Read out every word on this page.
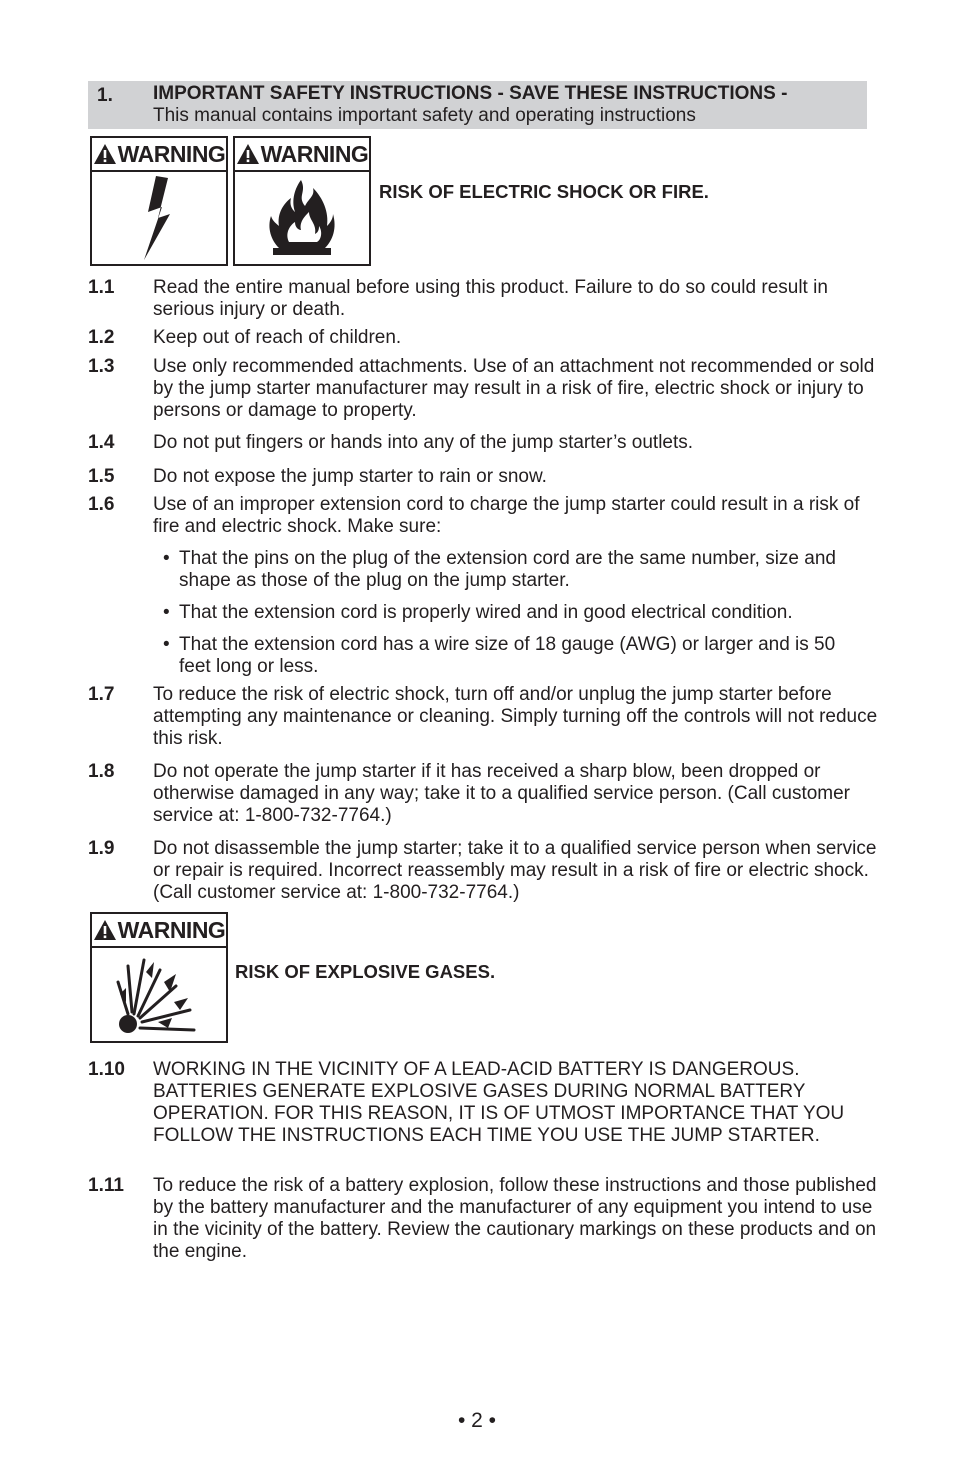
1. IMPORTANT SAFETY INSTRUCTIONS - SAVE THESE INSTRUCTIONS -
This manual contains important safety and operating instructions
WARNING WARNING
RISK OF ELECTRIC SHOCK OR FIRE.
1.1 Read the entire manual before using this product. Failure to do so could result in serious injury or death.
1.2 Keep out of reach of children.
1.3 Use only recommended attachments. Use of an attachment not recommended or sold by the jump starter manufacturer may result in a risk of fire, electric shock or injury to persons or damage to property.
1.4 Do not put fingers or hands into any of the jump starter’s outlets.
1.5 Do not expose the jump starter to rain or snow.
1.6 Use of an improper extension cord to charge the jump starter could result in a risk of fire and electric shock. Make sure:
• That the pins on the plug of the extension cord are the same number, size and shape as those of the plug on the jump starter.
• That the extension cord is properly wired and in good electrical condition.
• That the extension cord has a wire size of 18 gauge (AWG) or larger and is 50 feet long or less.
1.7 To reduce the risk of electric shock, turn off and/or unplug the jump starter before attempting any maintenance or cleaning. Simply turning off the controls will not reduce this risk.
1.8 Do not operate the jump starter if it has received a sharp blow, been dropped or otherwise damaged in any way; take it to a qualified service person. (Call customer service at: 1-800-732-7764.)
1.9 Do not disassemble the jump starter; take it to a qualified service person when service or repair is required. Incorrect reassembly may result in a risk of fire or electric shock. (Call customer service at: 1-800-732-7764.)
WARNING
RISK OF EXPLOSIVE GASES.
1.10 WORKING IN THE VICINITY OF A LEAD-ACID BATTERY IS DANGEROUS. BATTERIES GENERATE EXPLOSIVE GASES DURING NORMAL BATTERY OPERATION. FOR THIS REASON, IT IS OF UTMOST IMPORTANCE THAT YOU FOLLOW THE INSTRUCTIONS EACH TIME YOU USE THE JUMP STARTER.
1.11 To reduce the risk of a battery explosion, follow these instructions and those published by the battery manufacturer and the manufacturer of any equipment you intend to use in the vicinity of the battery. Review the cautionary markings on these products and on the engine.
• 2 •
